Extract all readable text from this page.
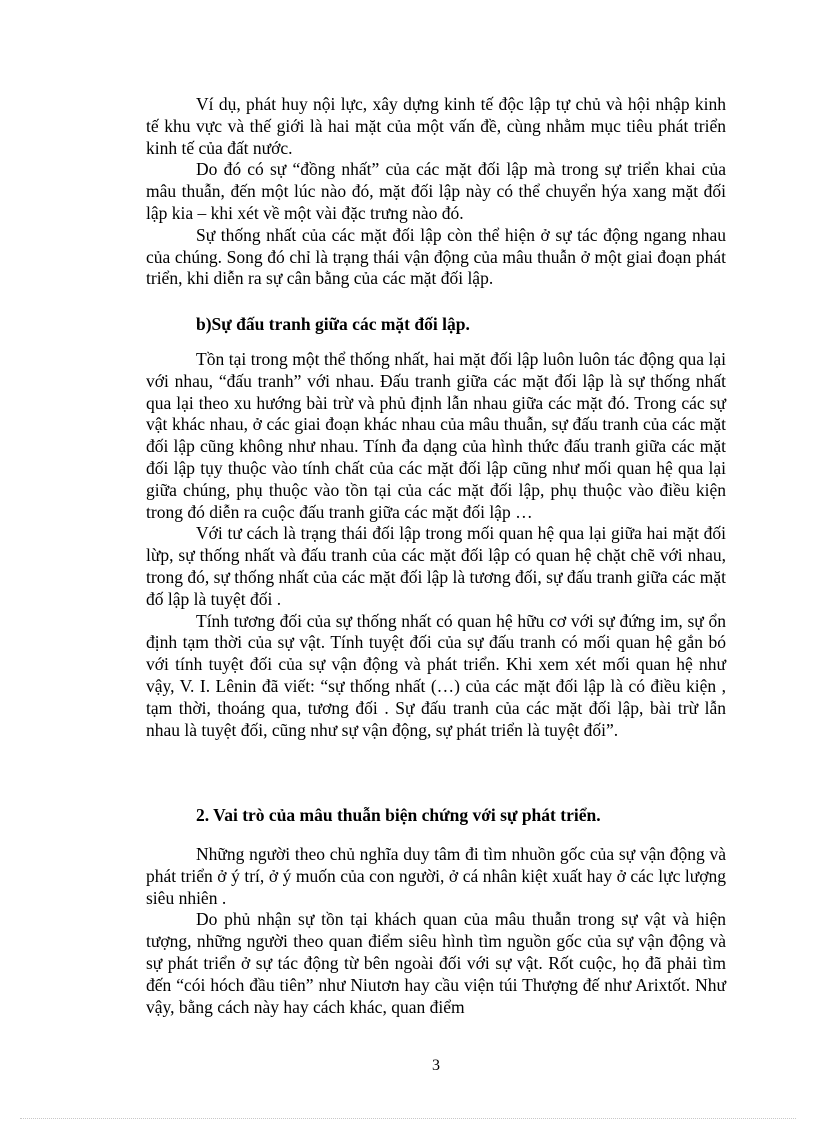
Ví dụ, phát huy nội lực, xây dựng kinh tế độc lập tự chủ và hội nhập kinh tế khu vực và thế giới là hai mặt của một vấn đề, cùng nhằm mục tiêu phát triển kinh tế của đất nước.

Do đó có sự “đồng nhất” của các mặt đối lập mà trong sự triển khai của mâu thuẫn, đến một lúc nào đó, mặt đối lập này có thể chuyển hýa xang mặt đối lập kia – khi xét về một vài đặc trưng nào đó.

Sự thống nhất của các mặt đối lập còn thể hiện ở sự tác động ngang nhau của chúng. Song đó chỉ là trạng thái vận động của mâu thuẫn ở một giai đoạn phát triển, khi diễn ra sự cân bằng của các mặt đối lập.

b)Sự đấu tranh giữa các mặt đối lập.

Tồn tại trong một thể thống nhất, hai mặt đối lập luôn luôn tác động qua lại với nhau, “đấu tranh” với nhau. Đấu tranh giữa các mặt đối lập là sự thống nhất qua lại theo xu hướng bài trừ và phủ định lẫn nhau giữa các mặt đó. Trong các sự vật khác nhau, ở các giai đoạn khác nhau của mâu thuẫn, sự đấu tranh của các mặt đối lập cũng không như nhau. Tính đa dạng của hình thức đấu tranh giữa các mặt đối lập tụy thuộc vào tính chất của các mặt đối lập cũng như mối quan hệ qua lại giữa chúng, phụ thuộc vào tồn tại của các mặt đối lập, phụ thuộc vào điều kiện trong đó diễn ra cuộc đấu tranh giữa các mặt đối lập …

Với tư cách là trạng thái đối lập trong mối quan hệ qua lại giữa hai mặt đối lừp, sự thống nhất và đấu tranh của các mặt đối lập có quan hệ chặt chẽ với nhau, trong đó, sự thống nhất của các mặt đối lập là tương đối, sự đấu tranh giữa các mặt đố lập là tuyệt đối .

Tính tương đối của sự thống nhất có quan hệ hữu cơ với sự đứng im, sự ổn định tạm thời của sự vật. Tính tuyệt đối của sự đấu tranh có mối quan hệ gắn bó với tính tuyệt đối của sự vận động và phát triển. Khi xem xét mối quan hệ như vậy, V. I. Lênin đã viết: “sự thống nhất (…) của các mặt đối lập là có điều kiện , tạm thời, thoáng qua, tương đối . Sự đấu tranh của các mặt đối lập, bài trừ lẫn nhau là tuyệt đối, cũng như sự vận động, sự phát triển là tuyệt đối”.

2. Vai trò của mâu thuẫn biện chứng với sự phát triển.

Những người theo chủ nghĩa duy tâm đi tìm nhuồn gốc của sự vận động và phát triển ở ý trí, ở ý muốn của con người, ở cá nhân kiệt xuất hay ở các lực lượng siêu nhiên .

Do phủ nhận sự tồn tại khách quan của mâu thuẫn trong sự vật và hiện tượng, những người theo quan điểm siêu hình tìm nguồn gốc của sự vận động và sự phát triển ở sự tác động từ bên ngoài đối với sự vật. Rốt cuộc, họ đã phải tìm đến “cói hóch đầu tiên” như Niutơn hay cầu viện túi Thượng đế như Arixtốt. Như vậy, bằng cách này hay cách khác, quan điểm

3
